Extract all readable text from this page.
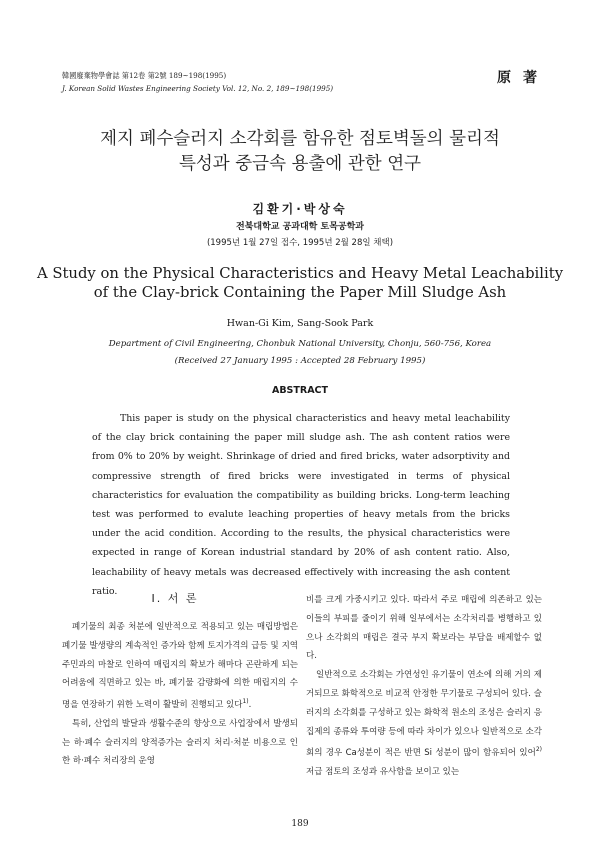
韓國廢棄物學會誌 第12卷 第2號 189~198(1995)
J. Korean Solid Wastes Engineering Society Vol. 12, No. 2, 189~198(1995)
原著
제지 폐수슬러지 소각회를 함유한 점토벽돌의 물리적
특성과 중금속 용출에 관한 연구
김환기·박상숙
전북대학교 공과대학 토목공학과
(1995년 1월 27일 접수, 1995년 2월 28일 채택)
A Study on the Physical Characteristics and Heavy Metal Leachability
of the Clay-brick Containing the Paper Mill Sludge Ash
Hwan-Gi Kim, Sang-Sook Park
Department of Civil Engineering, Chonbuk National University, Chonju, 560-756, Korea
(Received 27 January 1995 : Accepted 28 February 1995)
ABSTRACT

This paper is study on the physical characteristics and heavy metal leachability of the clay brick containing the paper mill sludge ash. The ash content ratios were from 0% to 20% by weight. Shrinkage of dried and fired bricks, water adsorptivity and compressive strength of fired bricks were investigated in terms of physical characteristics for evaluation the compatibility as building bricks. Long-term leaching test was performed to evalute leaching properties of heavy metals from the bricks under the acid condition. According to the results, the physical characteristics were expected in range of Korean industrial standard by 20% of ash content ratio. Also, leachability of heavy metals was decreased effectively with increasing the ash content ratio.

I. 서 론

폐기물의 최종 처분에 일반적으로 적용되고 있는 매립방법은 폐기물 발생량의 계속적인 증가와 함께 토지가격의 급등 및 지역 주민과의 마찰로 인하여 매립지의 확보가 해마다 곤란하게 되는 어려움에 직면하고 있는 바, 폐기물 감량화에 의한 매립지의 수명을 연장하기 위한 노력이 활발히 진행되고 있다$^{1)}$.

특히, 산업의 발달과 생활수준의 향상으로 사업장에서 발생되는 하·폐수 슬러지의 양적증가는 슬러지 처리·처분 비용으로 인한 하·폐수 처리장의 운영

비를 크게 가중시키고 있다. 따라서 주로 매립에 의존하고 있는 이들의 부피를 줄이기 위해 일부에서는 소각처리를 병행하고 있으나 소각회의 매립은 결국 부지 확보라는 부담을 배제할수 없다.

일반적으로 소각회는 가연성인 유기물이 연소에 의해 거의 제거되므로 화학적으로 비교적 안정한 무기물로 구성되어 있다. 슬러지의 소각회를 구성하고 있는 화학적 원소의 조성은 슬러지 응집제의 종류와 투여량 등에 따라 차이가 있으나 일반적으로 소각회의 경우 Ca성분이 적은 반면 Si 성분이 많이 함유되어 있어$^{2)}$ 저급 점토의 조성과 유사함을 보이고 있는

189
